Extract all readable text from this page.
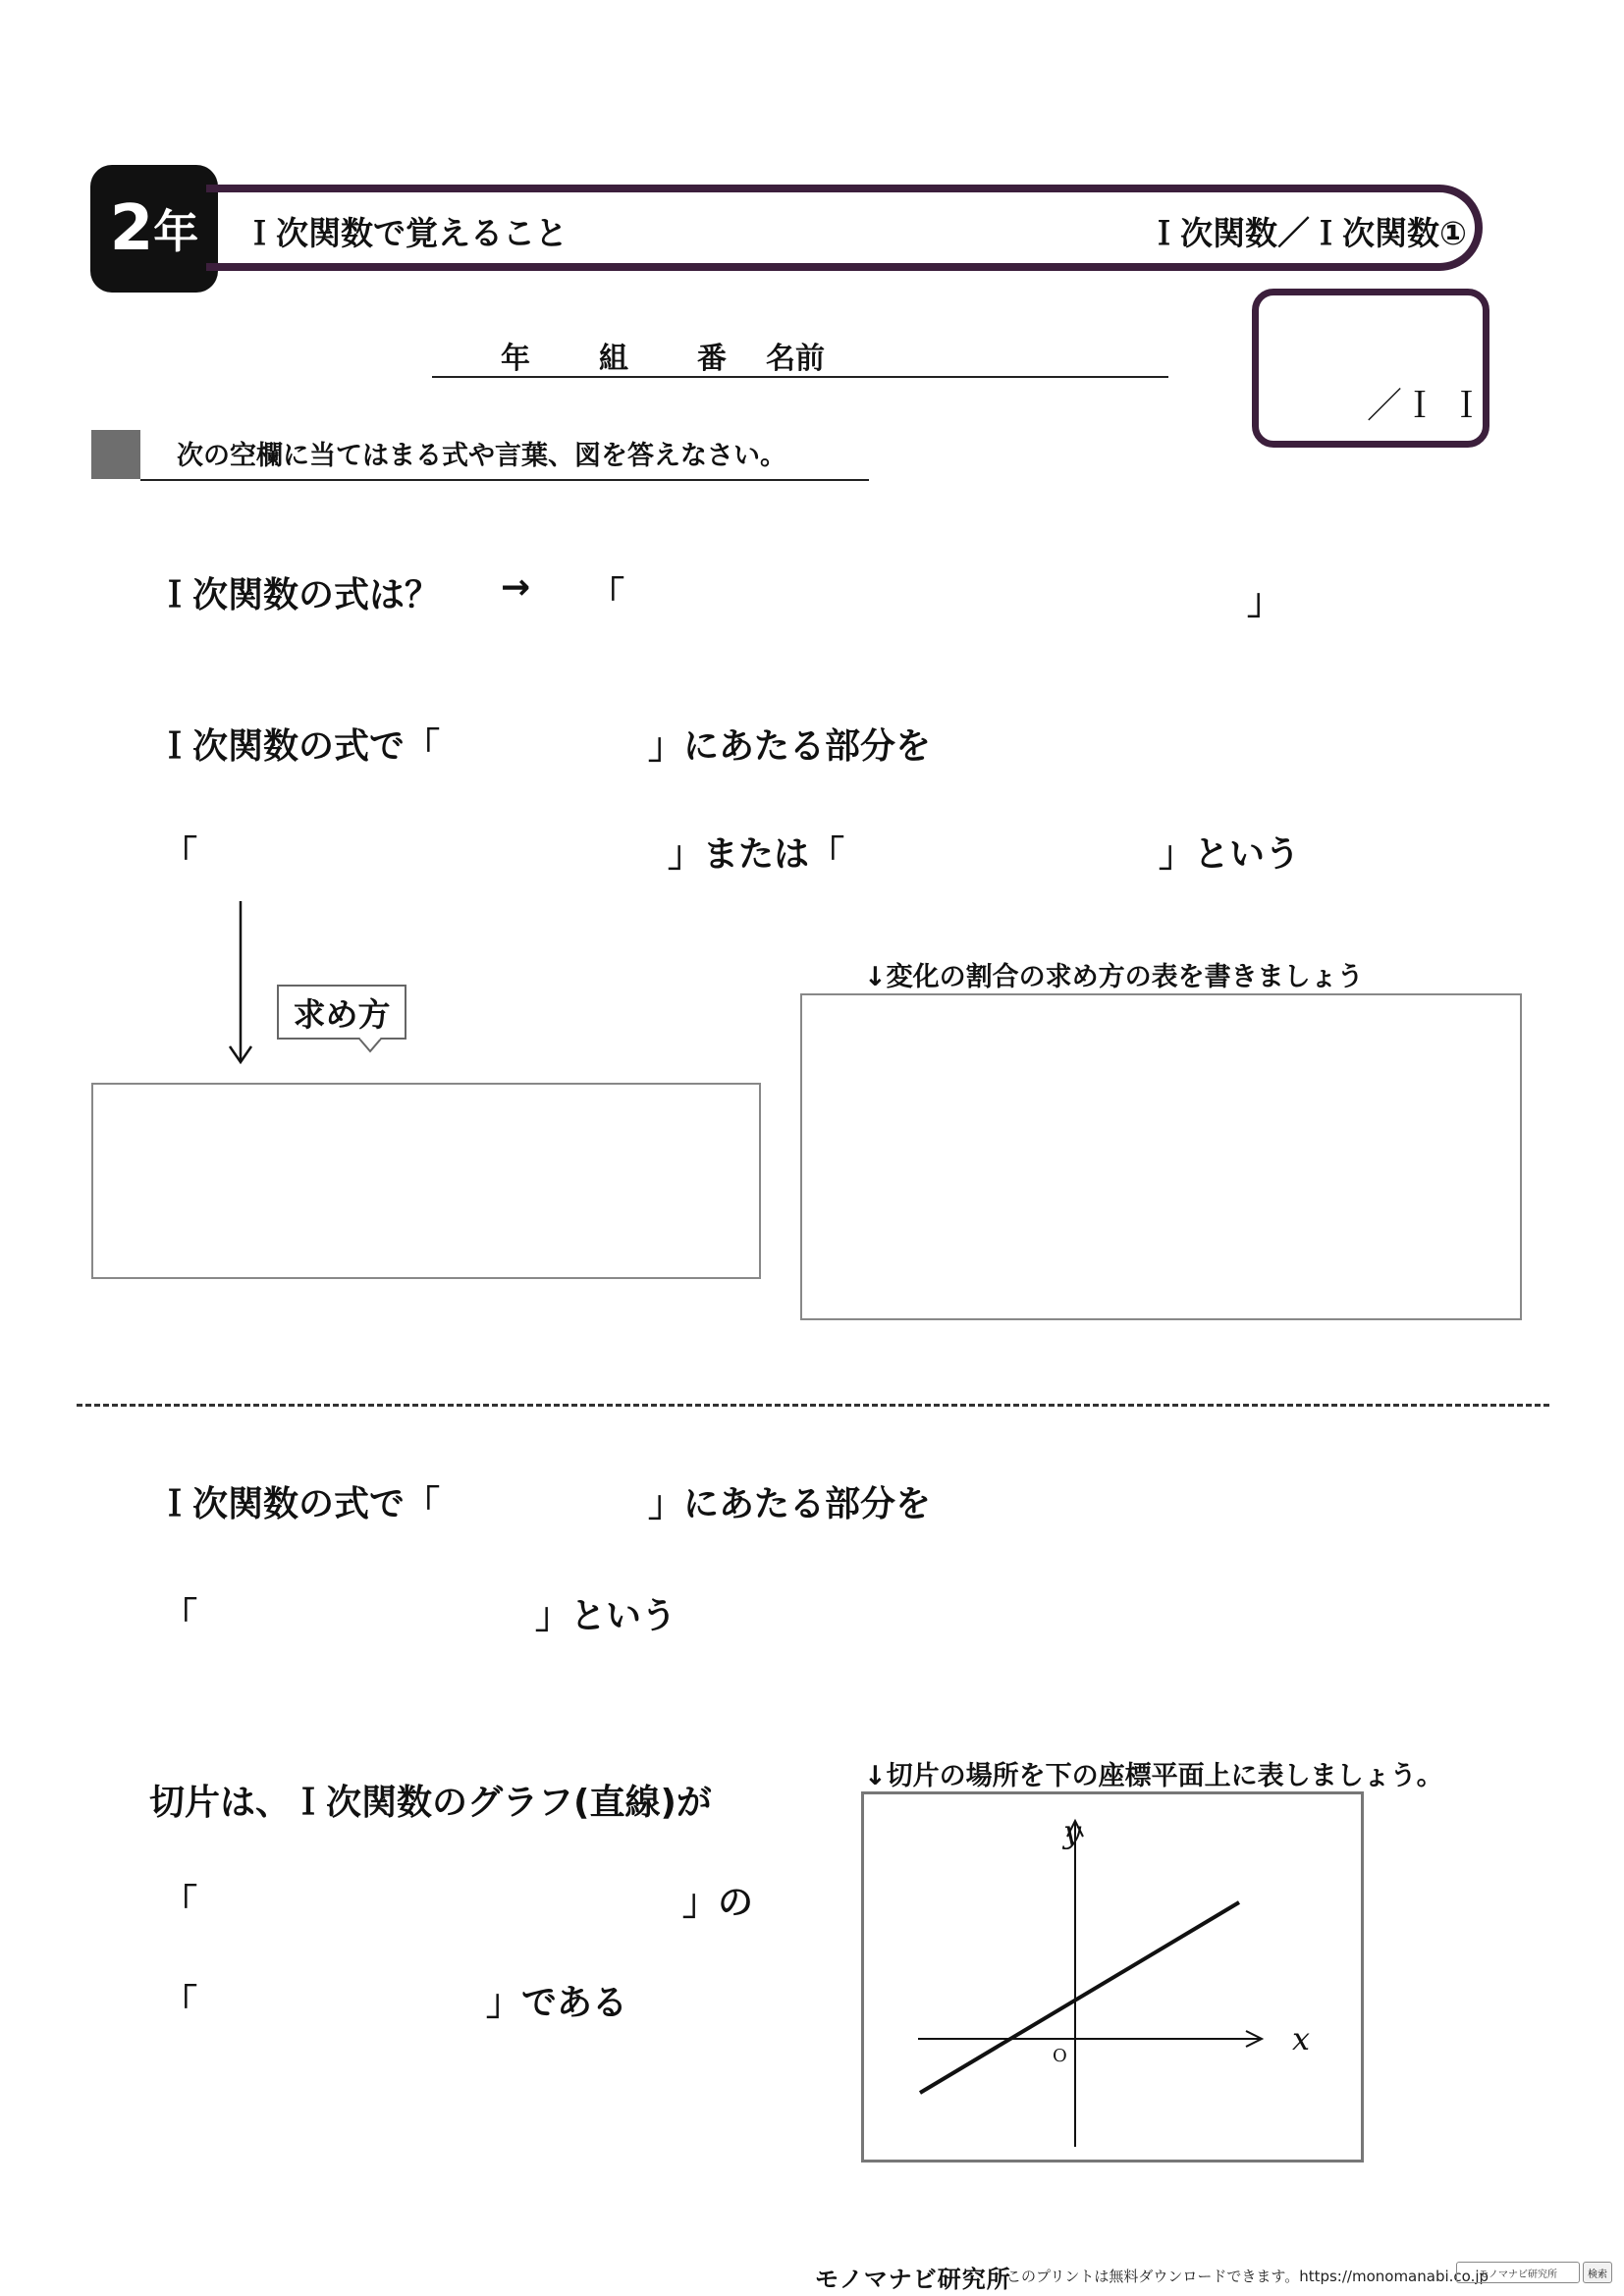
2 年 Ｉ次関数で覚えること	Ｉ次関数／Ｉ次関数①
年 組 番 名前
／Ｉ Ｉ
次の空欄に当てはまる式や言葉、図を答えなさい。
Ｉ次関数の式は？ → 「	」
Ｉ次関数の式で「	」にあたる部分を
「	」または「	」という
求め方
↓変化の割合の求め方の表を書きましょう
Ｉ次関数の式で「	」にあたる部分を
「	」という
切片は、Ｉ次関数のグラフ(直線)が
「	」の
「	」である
↓切片の場所を下の座標平面上に表しましょう。
x
y
O
モノマナビ研究所
このプリントは無料ダウンロードできます。https://monomanabi.co.jp
モノマナビ研究所	検索
